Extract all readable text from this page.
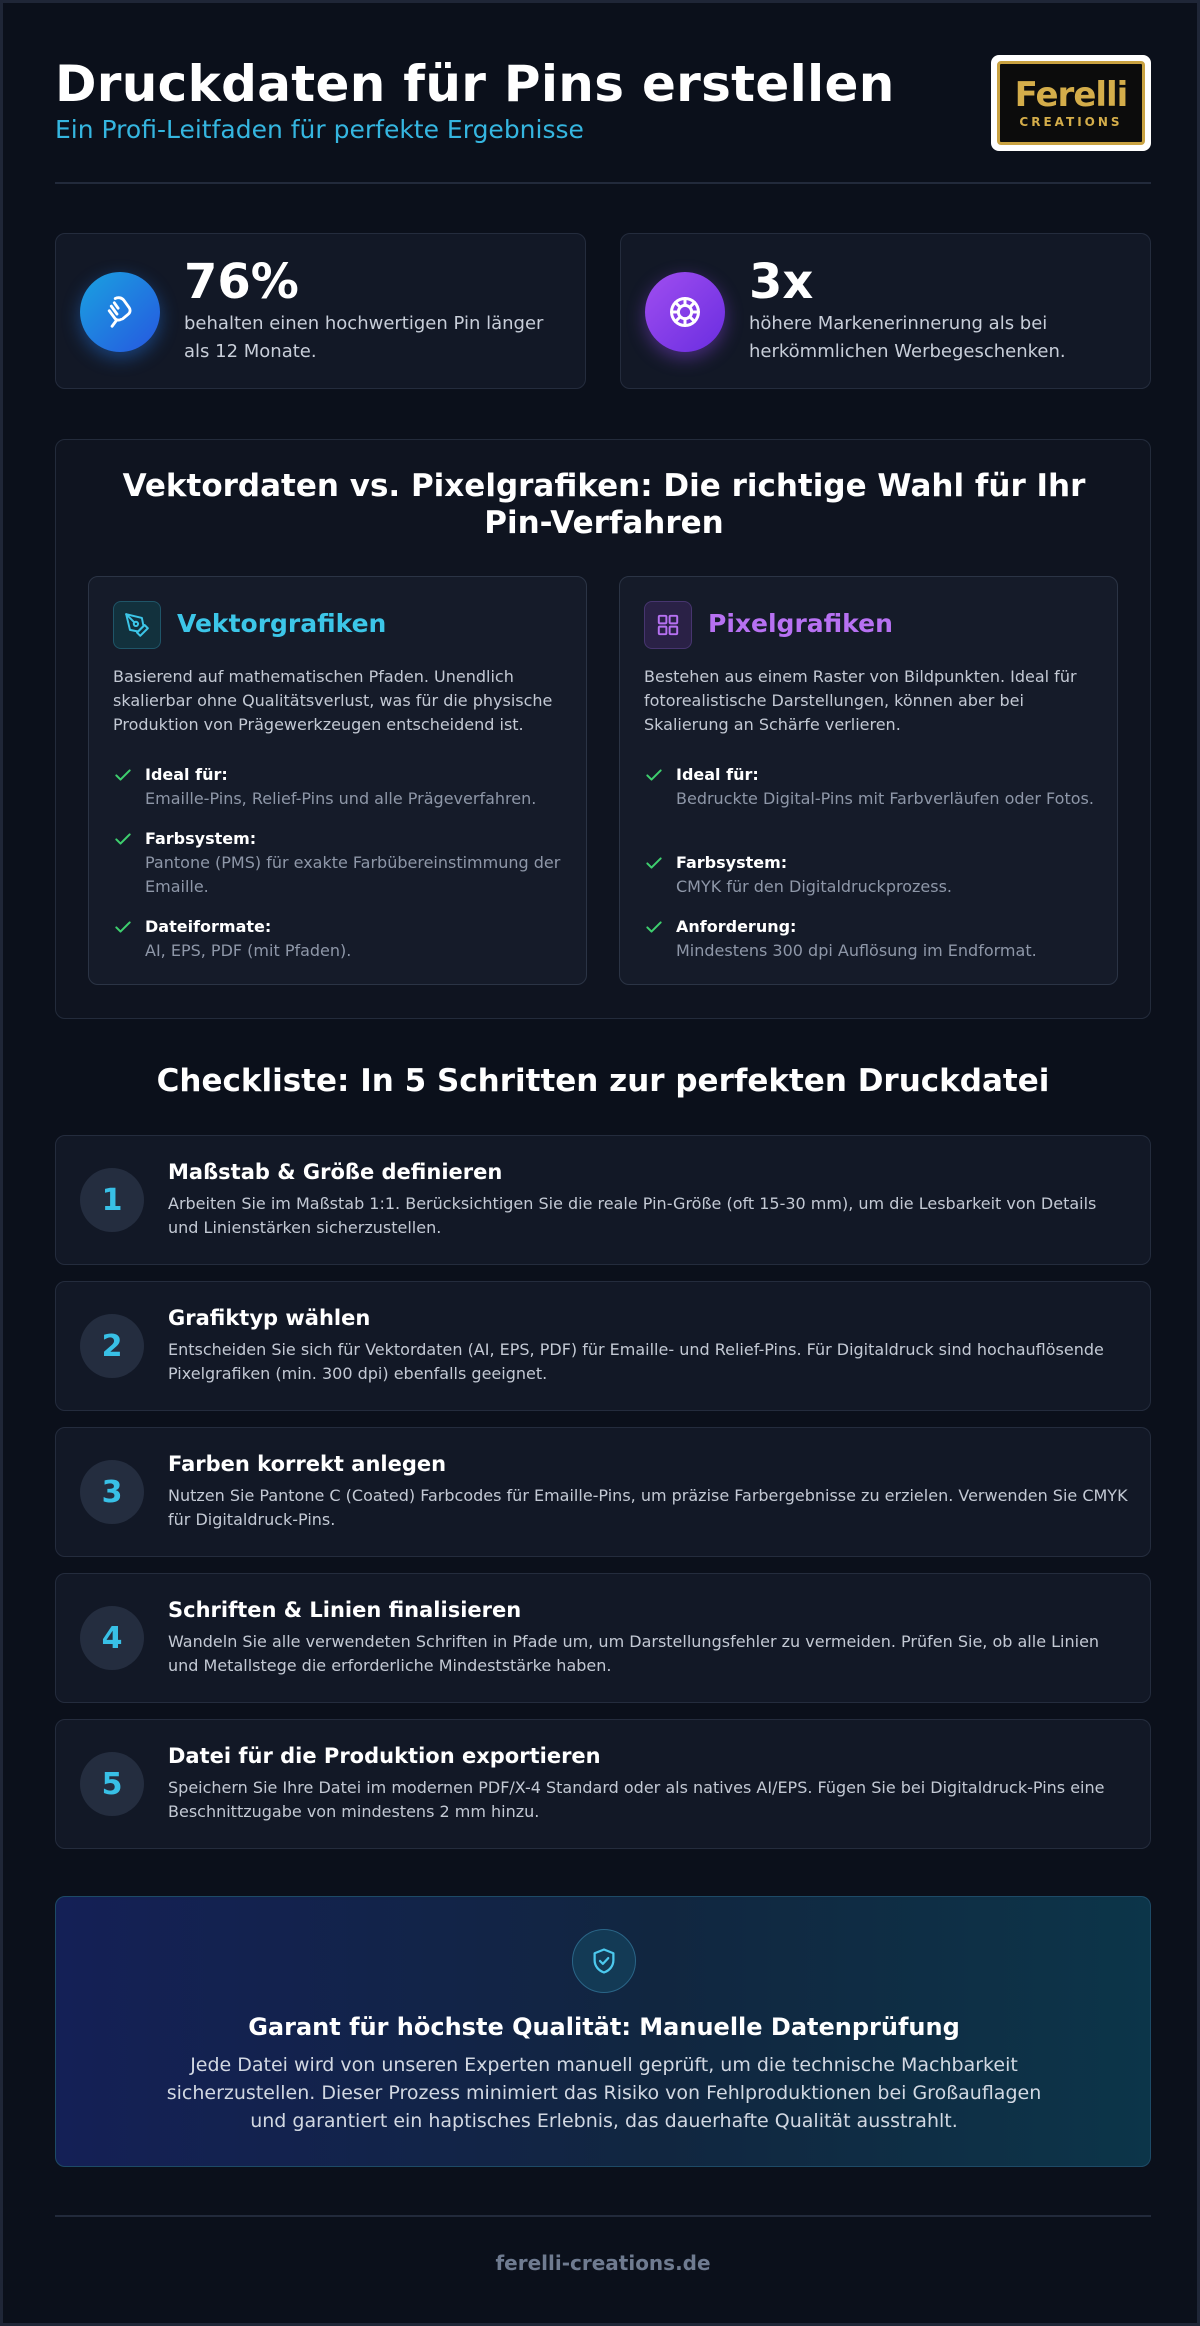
Druckdaten für Pins erstellen
Ein Profi-Leitfaden für perfekte Ergebnisse
Ferelli
CREATIONS
76%
behalten einen hochwertigen Pin länger als 12 Monate.
3x
höhere Markenerinnerung als bei herkömmlichen Werbegeschenken.
Vektordaten vs. Pixelgrafiken: Die richtige Wahl für Ihr Pin-Verfahren
Vektorgrafiken
Basierend auf mathematischen Pfaden. Unendlich skalierbar ohne Qualitätsverlust, was für die physische Produktion von Prägewerkzeugen entscheidend ist.
Ideal für:
Emaille-Pins, Relief-Pins und alle Prägeverfahren.
Farbsystem:
Pantone (PMS) für exakte Farbübereinstimmung der Emaille.
Dateiformate:
AI, EPS, PDF (mit Pfaden).
Pixelgrafiken
Bestehen aus einem Raster von Bildpunkten. Ideal für fotorealistische Darstellungen, können aber bei Skalierung an Schärfe verlieren.
Ideal für:
Bedruckte Digital-Pins mit Farbverläufen oder Fotos.
Farbsystem:
CMYK für den Digitaldruckprozess.
Anforderung:
Mindestens 300 dpi Auflösung im Endformat.
Checkliste: In 5 Schritten zur perfekten Druckdatei
1
Maßstab & Größe definieren
Arbeiten Sie im Maßstab 1:1. Berücksichtigen Sie die reale Pin-Größe (oft 15-30 mm), um die Lesbarkeit von Details und Linienstärken sicherzustellen.
2
Grafiktyp wählen
Entscheiden Sie sich für Vektordaten (AI, EPS, PDF) für Emaille- und Relief-Pins. Für Digitaldruck sind hochauflösende Pixelgrafiken (min. 300 dpi) ebenfalls geeignet.
3
Farben korrekt anlegen
Nutzen Sie Pantone C (Coated) Farbcodes für Emaille-Pins, um präzise Farbergebnisse zu erzielen. Verwenden Sie CMYK für Digitaldruck-Pins.
4
Schriften & Linien finalisieren
Wandeln Sie alle verwendeten Schriften in Pfade um, um Darstellungsfehler zu vermeiden. Prüfen Sie, ob alle Linien und Metallstege die erforderliche Mindeststärke haben.
5
Datei für die Produktion exportieren
Speichern Sie Ihre Datei im modernen PDF/X-4 Standard oder als natives AI/EPS. Fügen Sie bei Digitaldruck-Pins eine Beschnittzugabe von mindestens 2 mm hinzu.
Garant für höchste Qualität: Manuelle Datenprüfung
Jede Datei wird von unseren Experten manuell geprüft, um die technische Machbarkeit sicherzustellen. Dieser Prozess minimiert das Risiko von Fehlproduktionen bei Großauflagen und garantiert ein haptisches Erlebnis, das dauerhafte Qualität ausstrahlt.
ferelli-creations.de
